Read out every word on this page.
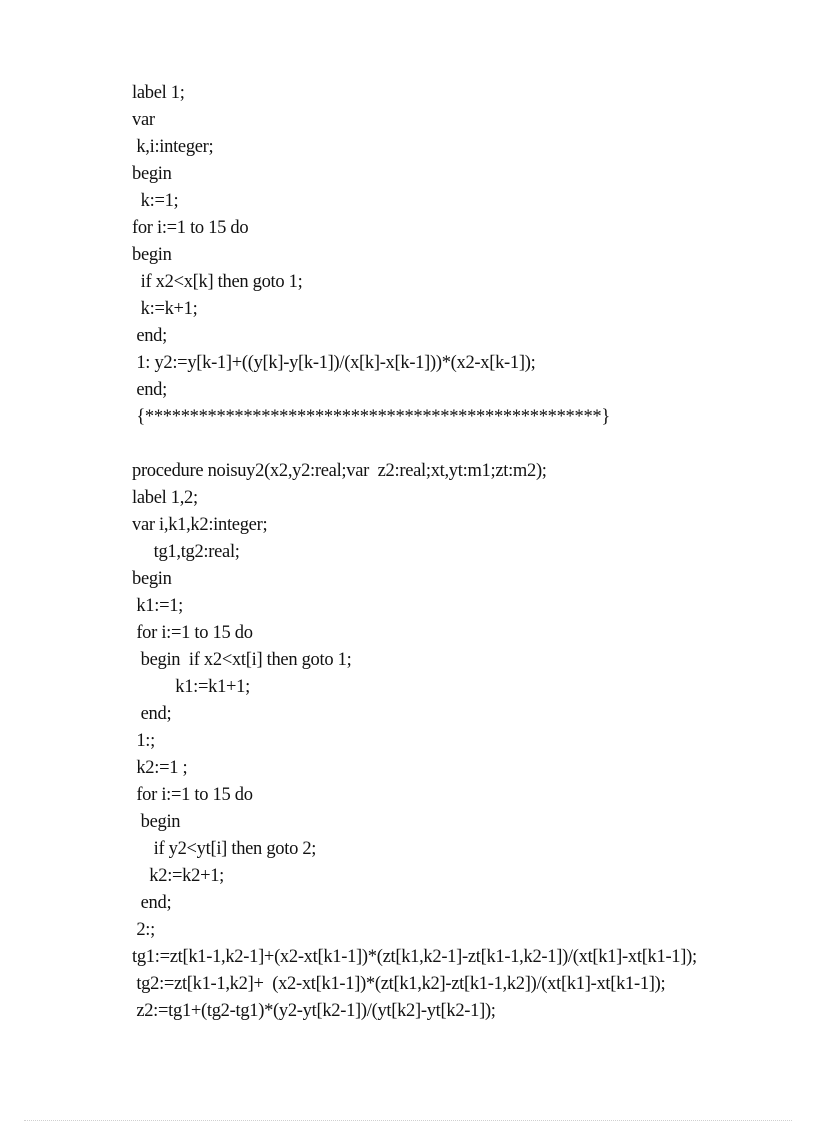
label 1;
var
k,i:integer;
begin
k:=1;
for i:=1 to 15 do
begin
if x2<x[k] then goto 1;
k:=k+1;
end;
1: y2:=y[k-1]+((y[k]-y[k-1])/(x[k]-x[k-1]))*(x2-x[k-1]);
end;
{***************************************************}
procedure noisuy2(x2,y2:real;var  z2:real;xt,yt:m1;zt:m2);
label 1,2;
var i,k1,k2:integer;
tg1,tg2:real;
begin
k1:=1;
for i:=1 to 15 do
begin  if x2<xt[i] then goto 1;
k1:=k1+1;
end;
1:;
k2:=1 ;
for i:=1 to 15 do
begin
if y2<yt[i] then goto 2;
k2:=k2+1;
end;
2:;
tg1:=zt[k1-1,k2-1]+(x2-xt[k1-1])*(zt[k1,k2-1]-zt[k1-1,k2-1])/(xt[k1]-xt[k1-1]);
tg2:=zt[k1-1,k2]+  (x2-xt[k1-1])*(zt[k1,k2]-zt[k1-1,k2])/(xt[k1]-xt[k1-1]);
z2:=tg1+(tg2-tg1)*(y2-yt[k2-1])/(yt[k2]-yt[k2-1]);
